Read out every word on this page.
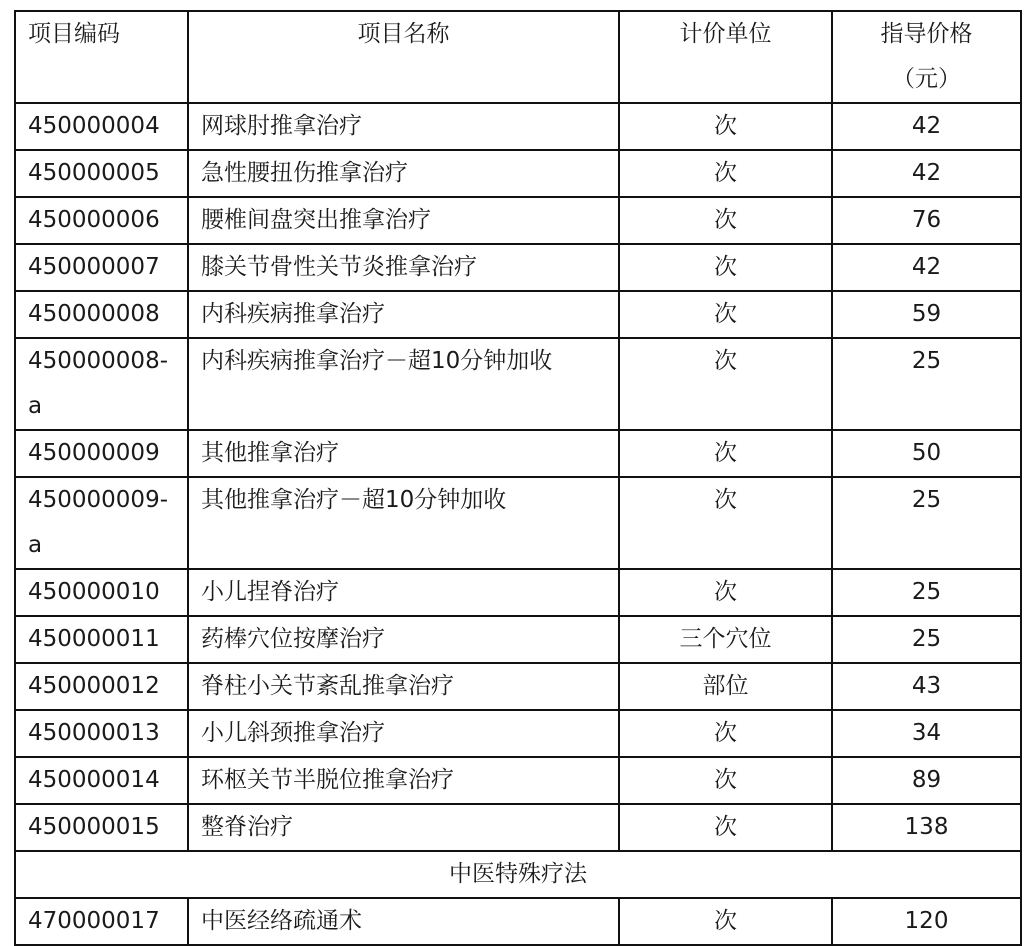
项目编码	项目名称	计价单位	指导价格
（元）
450000004	网球肘推拿治疗	次	42
450000005	急性腰扭伤推拿治疗	次	42
450000006	腰椎间盘突出推拿治疗	次	76
450000007	膝关节骨性关节炎推拿治疗	次	42
450000008	内科疾病推拿治疗	次	59
450000008-a	内科疾病推拿治疗－超10分钟加收	次	25
450000009	其他推拿治疗	次	50
450000009-a	其他推拿治疗－超10分钟加收	次	25
450000010	小儿捏脊治疗	次	25
450000011	药棒穴位按摩治疗	三个穴位	25
450000012	脊柱小关节紊乱推拿治疗	部位	43
450000013	小儿斜颈推拿治疗	次	34
450000014	环枢关节半脱位推拿治疗	次	89
450000015	整脊治疗	次	138
中医特殊疗法			
470000017	中医经络疏通术	次	120
